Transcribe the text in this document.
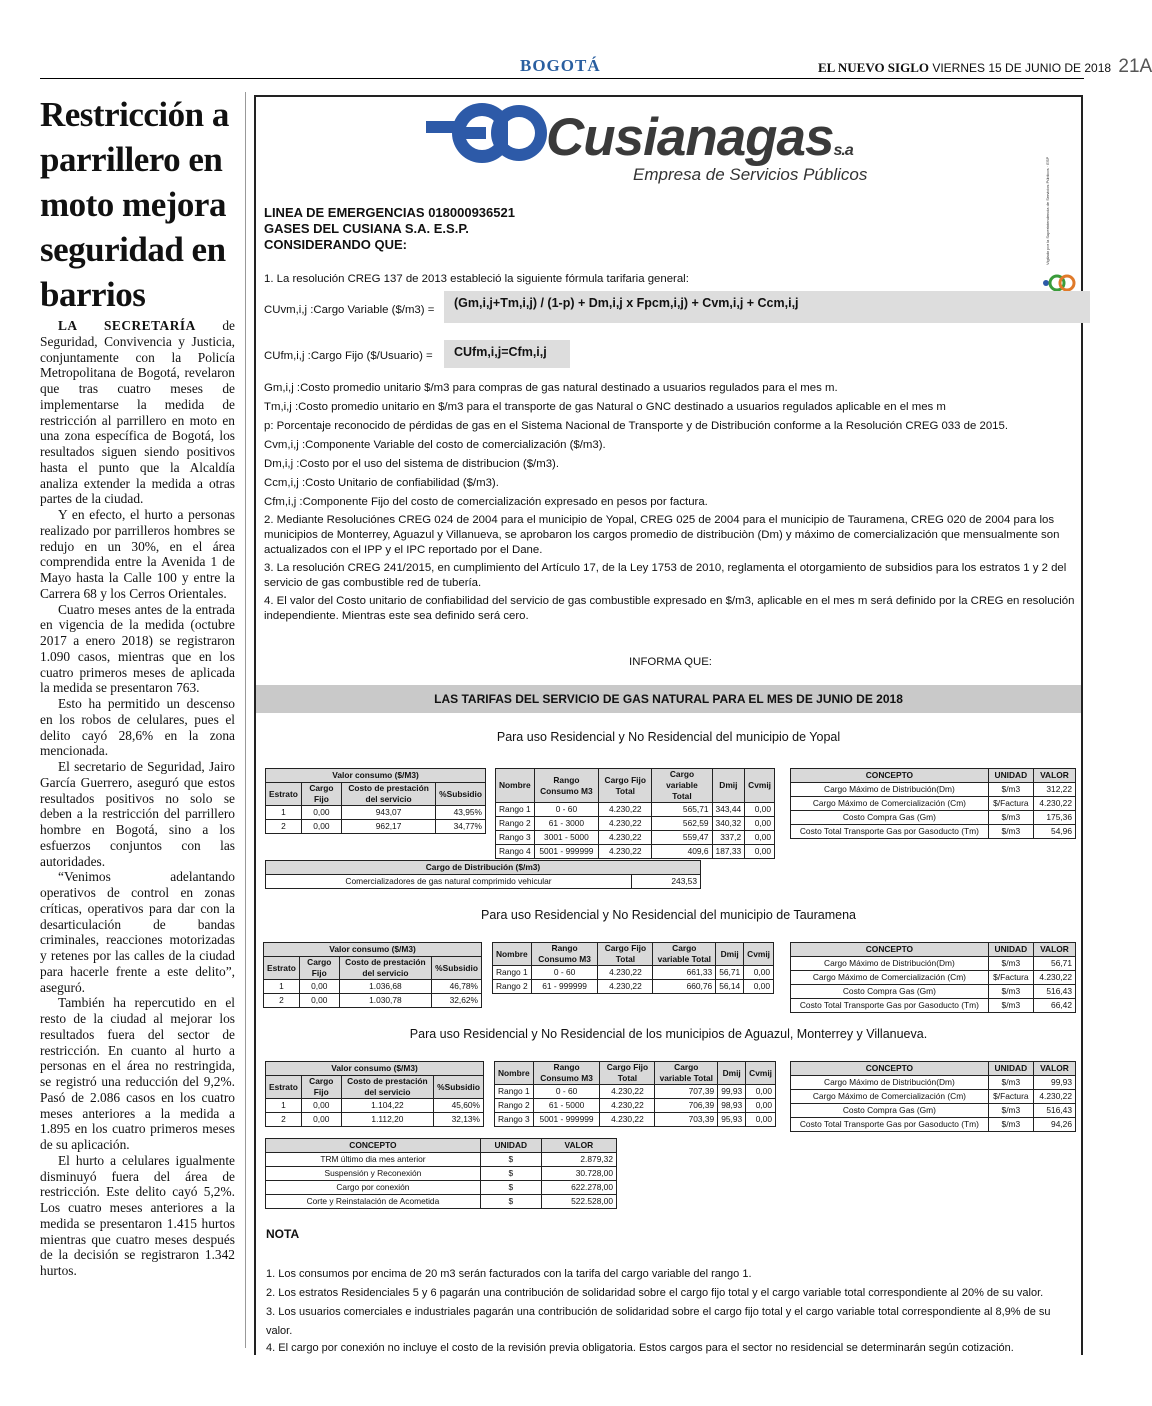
BOGOTÁ	EL NUEVO SIGLO VIERNES 15 DE JUNIO DE 2018 21A
Restricción a parrillero en moto mejora seguridad en barrios

LA SECRETARÍA de Seguridad, Convivencia y Justicia, conjuntamente con la Policía Metropolitana de Bogotá, revelaron que tras cuatro meses de implementarse la medida de restricción al parrillero en moto en una zona específica de Bogotá, los resultados siguen siendo positivos hasta el punto que la Alcaldía analiza extender la medida a otras partes de la ciudad.

Y en efecto, el hurto a personas realizado por parrilleros hombres se redujo en un 30%, en el área comprendida entre la Avenida 1 de Mayo hasta la Calle 100 y entre la Carrera 68 y los Cerros Orientales.

Cuatro meses antes de la entrada en vigencia de la medida (octubre 2017 a enero 2018) se registraron 1.090 casos, mientras que en los cuatro primeros meses de aplicada la medida se presentaron 763.

Esto ha permitido un descenso en los robos de celulares, pues el delito cayó 28,6% en la zona mencionada.

El secretario de Seguridad, Jairo García Guerrero, aseguró que estos resultados positivos no solo se deben a la restricción del parrillero hombre en Bogotá, sino a los esfuerzos conjuntos con las autoridades.

“Venimos adelantando operativos de control en zonas críticas, operativos para dar con la desarticulación de bandas criminales, reacciones motorizadas y retenes por las calles de la ciudad para hacerle frente a este delito”, aseguró.

También ha repercutido en el resto de la ciudad al mejorar los resultados fuera del sector de restricción. En cuanto al hurto a personas en el área no restringida, se registró una reducción del 9,2%. Pasó de 2.086 casos en los cuatro meses anteriores a la medida a 1.895 en los cuatro primeros meses de su aplicación.

El hurto a celulares igualmente disminuyó fuera del área de restricción. Este delito cayó 5,2%. Los cuatro meses anteriores a la medida se presentaron 1.415 hurtos mientras que cuatro meses después de la decisión se registraron 1.342 hurtos.

Cusianagass.a
Empresa de Servicios Públicos	Vigilado por la Superintendencia de Servicios Públicos · ESP
LINEA DE EMERGENCIAS 018000936521
GASES DEL CUSIANA S.A. E.S.P.
CONSIDERANDO QUE:
1. La resolución CREG 137 de 2013 estableció la siguiente fórmula tarifaria general:
CUvm,i,j :Cargo Variable ($/m3) =	(Gm,i,j+Tm,i,j) / (1-p) + Dm,i,j x Fpcm,i,j) + Cvm,i,j + Ccm,i,j
CUfm,i,j :Cargo Fijo ($/Usuario) =	CUfm,i,j=Cfm,i,j
Gm,i,j :Costo promedio unitario $/m3 para compras de gas natural destinado a usuarios regulados para el mes m.
Tm,i,j :Costo promedio unitario en $/m3 para el transporte de gas Natural o GNC destinado a usuarios regulados aplicable en el mes m
p: Porcentaje reconocido de pérdidas de gas en el Sistema Nacional de Transporte y de Distribución conforme a la Resolución CREG 033 de 2015.
Cvm,i,j :Componente Variable del costo de comercialización ($/m3).
Dm,i,j :Costo por el uso del sistema de distribucion ($/m3).
Ccm,i,j :Costo Unitario de confiabilidad ($/m3).
Cfm,i,j :Componente Fijo del costo de comercialización expresado en pesos por factura.
2. Mediante Resoluciónes CREG 024 de 2004 para el municipio de Yopal, CREG 025 de 2004 para el municipio de Tauramena, CREG 020 de 2004 para los municipios de Monterrey, Aguazul y Villanueva, se aprobaron los cargos promedio de distribuciòn (Dm) y máximo de comercialización que mensualmente son actualizados con el IPP y el IPC reportado por el Dane.
3. La resolución CREG 241/2015, en cumplimiento del Artículo 17, de la Ley 1753 de 2010, reglamenta el otorgamiento de subsidios para los estratos 1 y 2 del servicio de gas combustible red de tubería.
4. El valor del Costo unitario de confiabilidad del servicio de gas combustible expresado en $/m3, aplicable en el mes m será definido por la CREG en resolución independiente. Mientras este sea definido será cero.
INFORMA QUE:
LAS TARIFAS DEL SERVICIO DE GAS NATURAL PARA EL MES DE JUNIO DE 2018
Para uso Residencial y No Residencial del municipio de Yopal
Valor consumo ($/M3)			
Estrato	Cargo Fijo	Costo de prestación del servicio	%Subsidio
1	0,00	943,07	43,95%
2	0,00	962,17	34,77%
Nombre	Rango Consumo M3	Cargo Fijo Total	Cargo variable Total	Dmij	Cvmij
Rango 1	0 - 60	4.230,22	565,71	343,44	0,00
Rango 2	61 - 3000	4.230,22	562,59	340,32	0,00
Rango 3	3001 - 5000	4.230,22	559,47	337,2	0,00
Rango 4	5001 - 999999	4.230,22	409,6	187,33	0,00
CONCEPTO	UNIDAD	VALOR
Cargo Máximo de Distribución(Dm)	$/m3	312,22
Cargo Máximo de Comercialización (Cm)	$/Factura	4.230,22
Costo Compra Gas (Gm)	$/m3	175,36
Costo Total Transporte Gas por Gasoducto (Tm)	$/m3	54,96
Cargo de Distribución ($/m3)
Comercializadores de gas natural comprimido vehicular	243,53
Para uso Residencial y No Residencial del municipio de Tauramena
Valor consumo ($/M3)			
Estrato	Cargo Fijo	Costo de prestación del servicio	%Subsidio
1	0,00	1.036,68	46,78%
2	0,00	1.030,78	32,62%
Nombre	Rango Consumo M3	Cargo Fijo Total	Cargo variable Total	Dmij	Cvmij
Rango 1	0 - 60	4.230,22	661,33	56,71	0,00
Rango 2	61 - 999999	4.230,22	660,76	56,14	0,00
CONCEPTO	UNIDAD	VALOR
Cargo Máximo de Distribución(Dm)	$/m3	56,71
Cargo Máximo de Comercialización (Cm)	$/Factura	4.230,22
Costo Compra Gas (Gm)	$/m3	516,43
Costo Total Transporte Gas por Gasoducto (Tm)	$/m3	66,42
Para uso Residencial y No Residencial de los municipios de Aguazul, Monterrey y Villanueva.
Valor consumo ($/M3)			
Estrato	Cargo Fijo	Costo de prestación del servicio	%Subsidio
1	0,00	1.104,22	45,60%
2	0,00	1.112,20	32,13%
Nombre	Rango Consumo M3	Cargo Fijo Total	Cargo variable Total	Dmij	Cvmij
Rango 1	0 - 60	4.230,22	707,39	99,93	0,00
Rango 2	61 - 5000	4.230,22	706,39	98,93	0,00
Rango 3	5001 - 999999	4.230,22	703,39	95,93	0,00
CONCEPTO	UNIDAD	VALOR
Cargo Máximo de Distribución(Dm)	$/m3	99,93
Cargo Máximo de Comercialización (Cm)	$/Factura	4.230,22
Costo Compra Gas (Gm)	$/m3	516,43
Costo Total Transporte Gas por Gasoducto (Tm)	$/m3	94,26
CONCEPTO	UNIDAD	VALOR
TRM último dia mes anterior	$	2.879,32
Suspensión y Reconexión	$	30.728,00
Cargo por conexión	$	622.278,00
Corte y Reinstalación de Acometida	$	522.528,00
NOTA
1. Los consumos por encima de 20 m3 serán facturados con la tarifa del cargo variable del rango 1.
2. Los estratos Residenciales 5 y 6 pagarán una contribución de solidaridad sobre el cargo fijo total y el cargo variable total correspondiente al 20% de su valor.
3. Los usuarios comerciales e industriales pagarán una contribución de solidaridad sobre el cargo fijo total y el cargo variable total correspondiente al 8,9% de su valor.
4. El cargo por conexión no incluye el costo de la revisión previa obligatoria. Estos cargos para el sector no residencial se determinarán según cotización.
